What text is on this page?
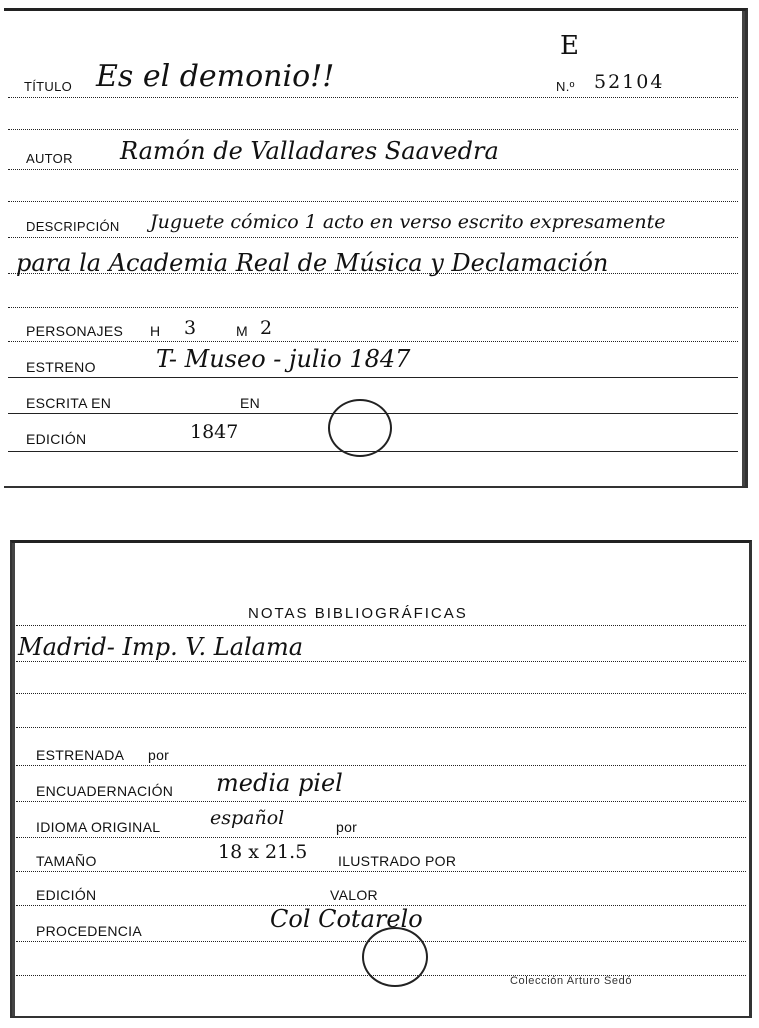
E
TÍTULO Es el demonio!!	N.º 52104
AUTOR Ramón de Valladares Saavedra
DESCRIPCIÓN Juguete cómico 1 acto en verso escrito expresamente
para la Academia Real de Música y Declamación
PERSONAJES H 3	M 2
ESTRENO	T- Museo - julio 1847
ESCRITA EN	EN
EDICIÓN	1847
NOTAS BIBLIOGRÁFICAS
Madrid- Imp. V. Lalama
ESTRENADA por
ENCUADERNACIÓN media piel
IDIOMA ORIGINAL	español	por
TAMAÑO	18 x 21.5 ILUSTRADO POR
EDICIÓN	VALOR
PROCEDENCIA	Col Cotarelo
Colección Arturo Sedó
